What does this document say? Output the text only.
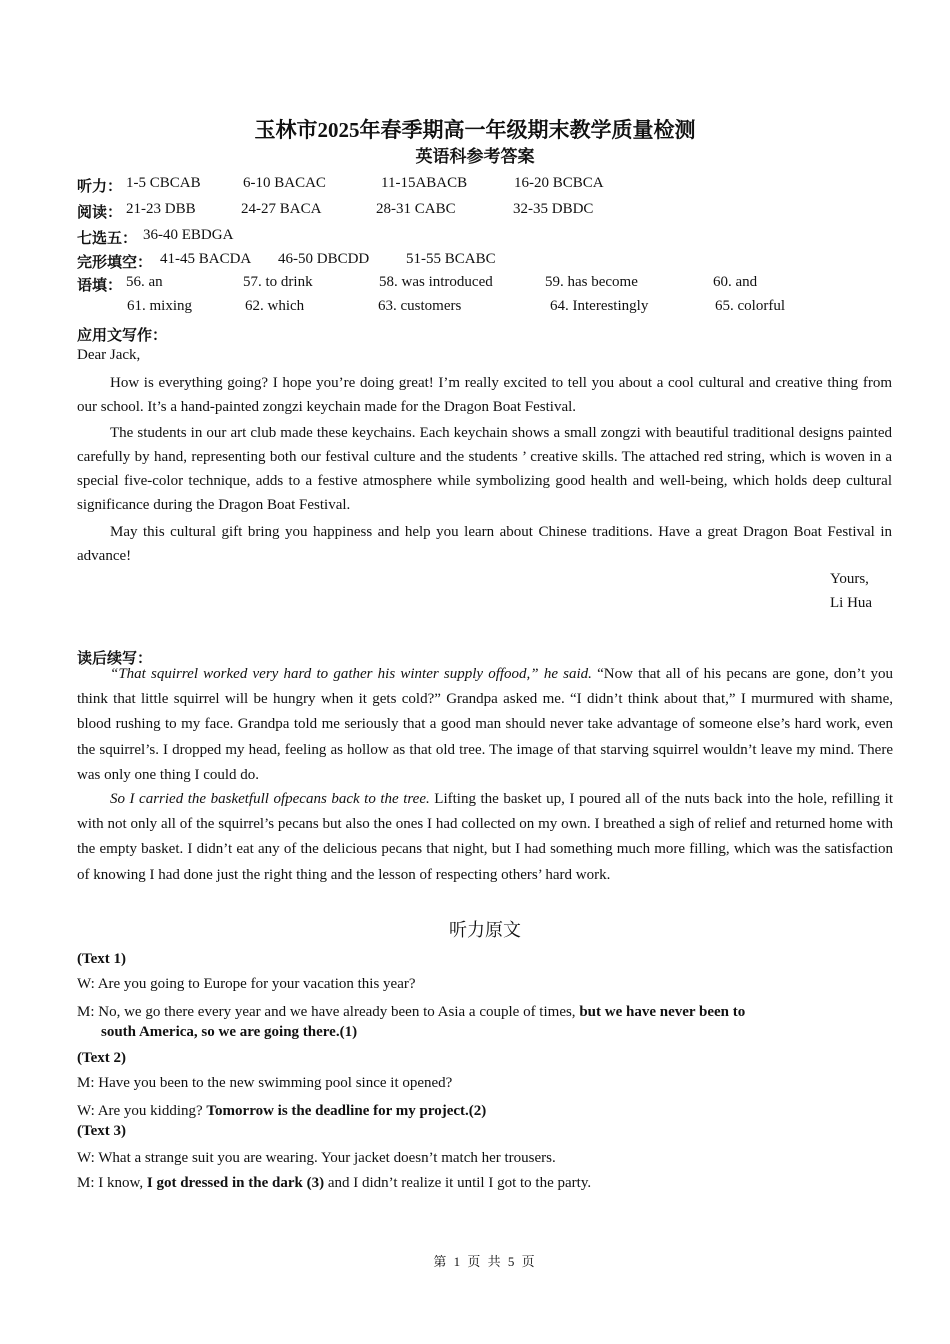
玉林市2025年春季期高一年级期末教学质量检测
英语科参考答案
听力： 1-5 CBCAB	6-10 BACAC	11-15ABACB	16-20 BCBCA
阅读： 21-23 DBB	24-27 BACA	28-31 CABC	32-35 DBDC
七选五： 36-40 EBDGA
完形填空： 41-45 BACDA 46-50 DBCDD 51-55 BCABC
语填： 56. an	57. to drink	58. was introduced	59. has become	60. and
61. mixing	62. which	63. customers	64. Interestingly	65. colorful
应用文写作：
Dear Jack,
How is everything going? I hope you’re doing great! I’m really excited to tell you about a cool cultural and creative thing from our school. It’s a hand-painted zongzi keychain made for the Dragon Boat Festival.
The students in our art club made these keychains. Each keychain shows a small zongzi with beautiful traditional designs painted carefully by hand, representing both our festival culture and the students ’ creative skills. The attached red string, which is woven in a special five-color technique, adds to a festive atmosphere while symbolizing good health and well-being, which holds deep cultural significance during the Dragon Boat Festival.
May this cultural gift bring you happiness and help you learn about Chinese traditions. Have a great Dragon Boat Festival in advance!
Yours,
Li Hua
读后续写：
“That squirrel worked very hard to gather his winter supply offood,” he said. “Now that all of his pecans are gone, don’t you think that little squirrel will be hungry when it gets cold?” Grandpa asked me. “I didn’t think about that,” I murmured with shame, blood rushing to my face. Grandpa told me seriously that a good man should never take advantage of someone else’s hard work, even the squirrel’s. I dropped my head, feeling as hollow as that old tree. The image of that starving squirrel wouldn’t leave my mind. There was only one thing I could do.
So I carried the basketfull ofpecans back to the tree. Lifting the basket up, I poured all of the nuts back into the hole, refilling it with not only all of the squirrel’s pecans but also the ones I had collected on my own. I breathed a sigh of relief and returned home with the empty basket. I didn’t eat any of the delicious pecans that night, but I had something much more filling, which was the satisfaction of knowing I had done just the right thing and the lesson of respecting others’ hard work.
听力原文
(Text 1)
W: Are you going to Europe for your vacation this year?
M: No, we go there every year and we have already been to Asia a couple of times, but we have never been to
south America, so we are going there.(1)
(Text 2)
M: Have you been to the new swimming pool since it opened?
W: Are you kidding? Tomorrow is the deadline for my project.(2)
(Text 3)
W: What a strange suit you are wearing. Your jacket doesn’t match her trousers.
M: I know, I got dressed in the dark (3) and I didn’t realize it until I got to the party.
第 1 页 共 5 页
